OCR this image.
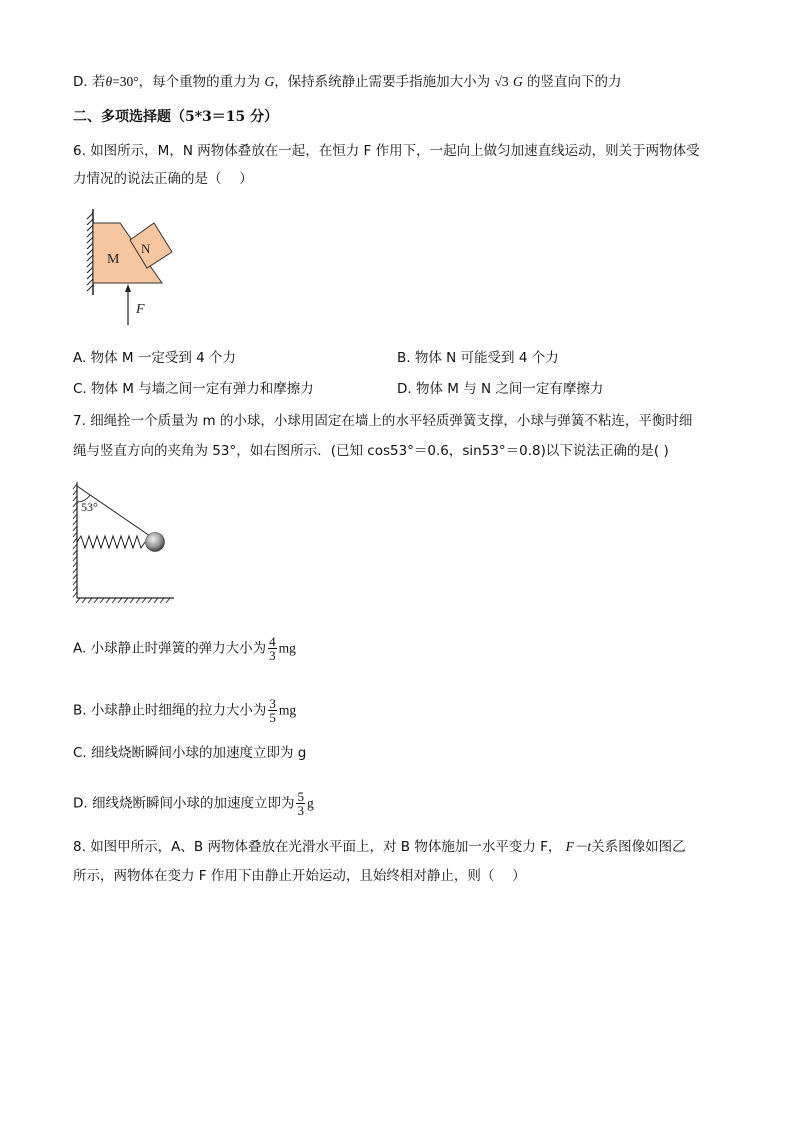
D. 若θ=30°，每个重物的重力为 G，保持系统静止需要手指施加大小为 √3 G 的竖直向下的力
二、多项选择题（5*3＝15 分）
6. 如图所示，M，N 两物体叠放在一起，在恒力 F 作用下，一起向上做匀加速直线运动，则关于两物体受
力情况的说法正确的是（　 ）
M
N
F
A. 物体 M 一定受到 4 个力	B. 物体 N 可能受到 4 个力
C. 物体 M 与墙之间一定有弹力和摩擦力	D. 物体 M 与 N 之间一定有摩擦力
7. 细绳拴一个质量为 m 的小球，小球用固定在墙上的水平轻质弹簧支撑，小球与弹簧不粘连，平衡时细
绳与竖直方向的夹角为 53°，如右图所示．(已知 cos53°＝0.6，sin53°＝0.8)以下说法正确的是( )
53°
A. 小球静止时弹簧的弹力大小为 $\frac{4}{3}$ mg
B. 小球静止时细绳的拉力大小为 $\frac{3}{5}$ mg
C. 细线烧断瞬间小球的加速度立即为 g
D. 细线烧断瞬间小球的加速度立即为 $\frac{5}{3}$ g
8. 如图甲所示，A、B 两物体叠放在光滑水平面上，对 B 物体施加一水平变力 F， F－t关系图像如图乙
所示，两物体在变力 F 作用下由静止开始运动，且始终相对静止，则（　 ）
